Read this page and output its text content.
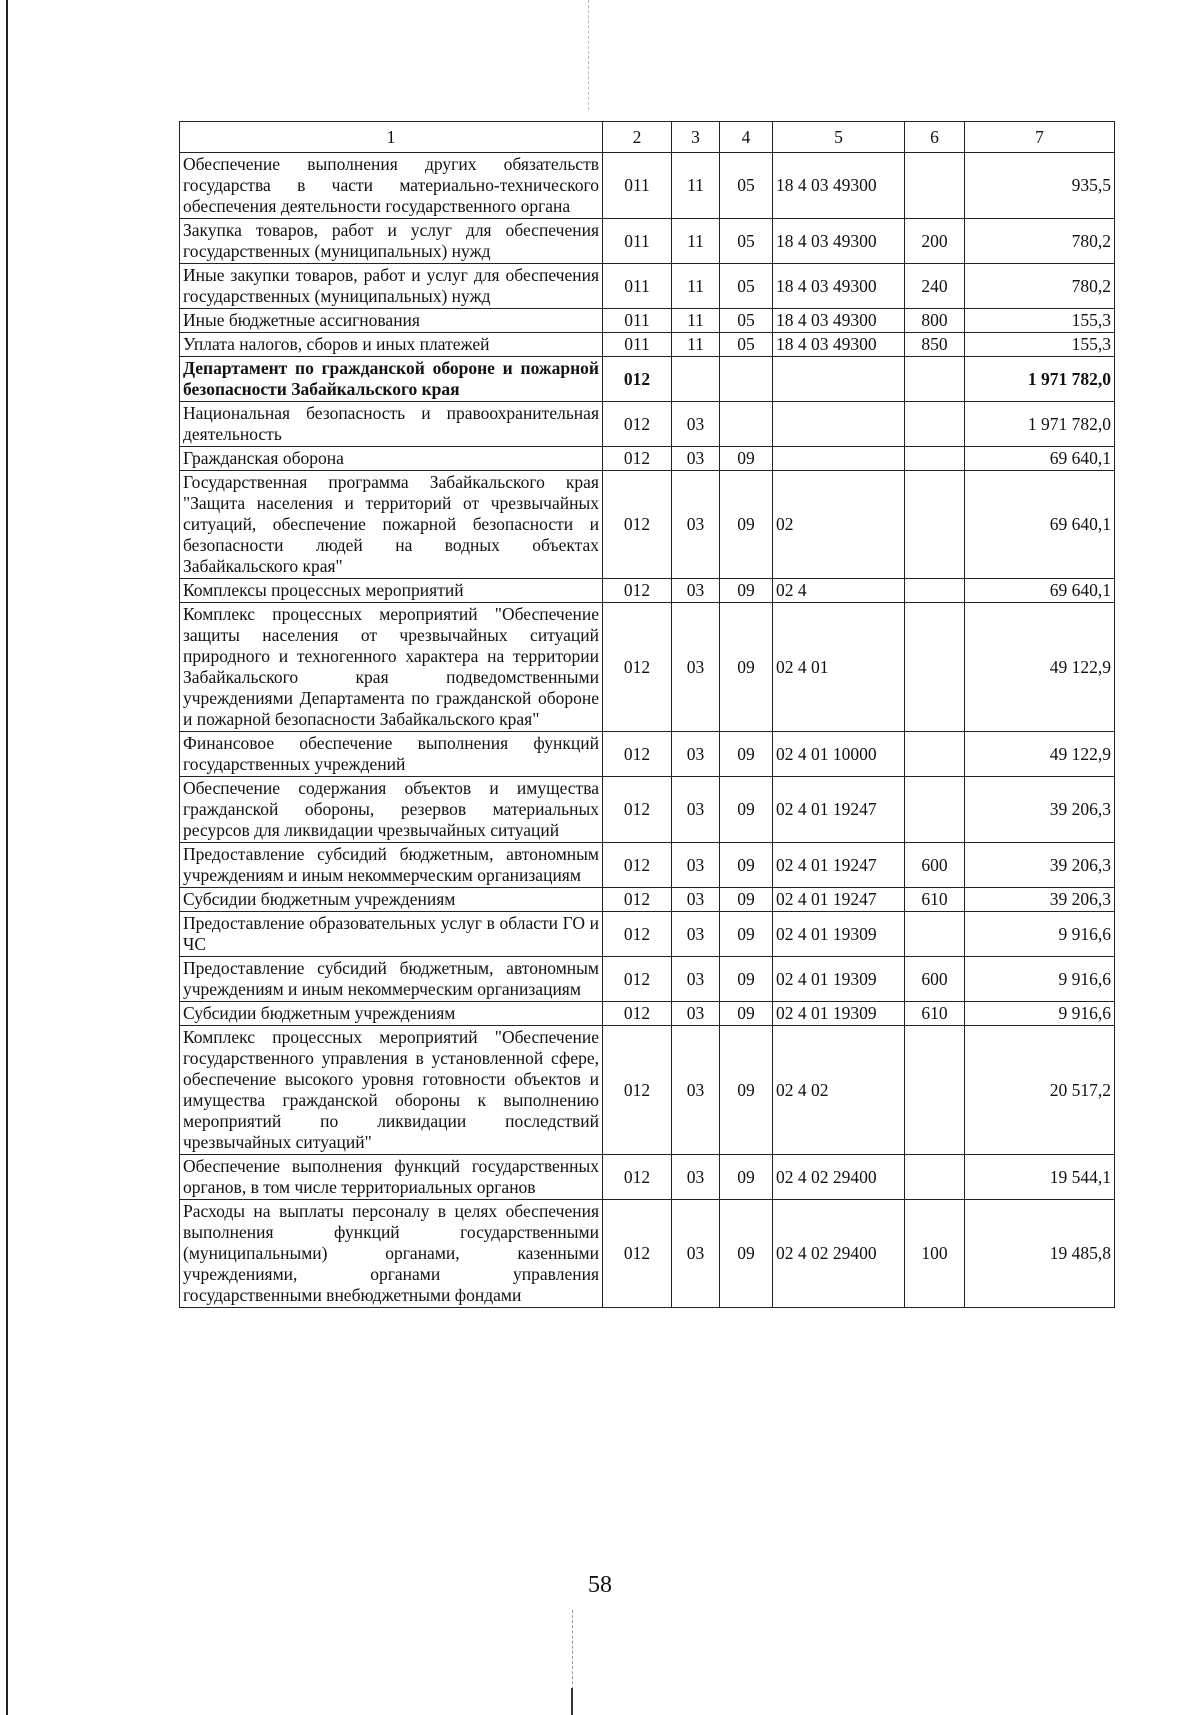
1	2	3	4	5	6	7
Обеспечение выполнения других обязательств государства в части материально-технического обеспечения деятельности государственного органа	011	11	05	18 4 03 49300		935,5
Закупка товаров, работ и услуг для обеспечения государственных (муниципальных) нужд	011	11	05	18 4 03 49300	200	780,2
Иные закупки товаров, работ и услуг для обеспечения государственных (муниципальных) нужд	011	11	05	18 4 03 49300	240	780,2
Иные бюджетные ассигнования	011	11	05	18 4 03 49300	800	155,3
Уплата налогов, сборов и иных платежей	011	11	05	18 4 03 49300	850	155,3
Департамент по гражданской обороне и пожарной безопасности Забайкальского края	012					1 971 782,0
Национальная безопасность и правоохранительная деятельность	012	03				1 971 782,0
Гражданская оборона	012	03	09			69 640,1
Государственная программа Забайкальского края "Защита населения и территорий от чрезвычайных ситуаций, обеспечение пожарной безопасности и безопасности людей на водных объектах Забайкальского края"	012	03	09	02		69 640,1
Комплексы процессных мероприятий	012	03	09	02 4		69 640,1
Комплекс процессных мероприятий "Обеспечение защиты населения от чрезвычайных ситуаций природного и техногенного характера на территории Забайкальского края подведомственными учреждениями Департамента по гражданской обороне и пожарной безопасности Забайкальского края"	012	03	09	02 4 01		49 122,9
Финансовое обеспечение выполнения функций государственных учреждений	012	03	09	02 4 01 10000		49 122,9
Обеспечение содержания объектов и имущества гражданской обороны, резервов материальных ресурсов для ликвидации чрезвычайных ситуаций	012	03	09	02 4 01 19247		39 206,3
Предоставление субсидий бюджетным, автономным учреждениям и иным некоммерческим организациям	012	03	09	02 4 01 19247	600	39 206,3
Субсидии бюджетным учреждениям	012	03	09	02 4 01 19247	610	39 206,3
Предоставление образовательных услуг в области ГО и ЧС	012	03	09	02 4 01 19309		9 916,6
Предоставление субсидий бюджетным, автономным учреждениям и иным некоммерческим организациям	012	03	09	02 4 01 19309	600	9 916,6
Субсидии бюджетным учреждениям	012	03	09	02 4 01 19309	610	9 916,6
Комплекс процессных мероприятий "Обеспечение государственного управления в установленной сфере, обеспечение высокого уровня готовности объектов и имущества гражданской обороны к выполнению мероприятий по ликвидации последствий чрезвычайных ситуаций"	012	03	09	02 4 02		20 517,2
Обеспечение выполнения функций государственных органов, в том числе территориальных органов	012	03	09	02 4 02 29400		19 544,1
Расходы на выплаты персоналу в целях обеспечения выполнения функций государственными (муниципальными) органами, казенными учреждениями, органами управления государственными внебюджетными фондами	012	03	09	02 4 02 29400	100	19 485,8
58
